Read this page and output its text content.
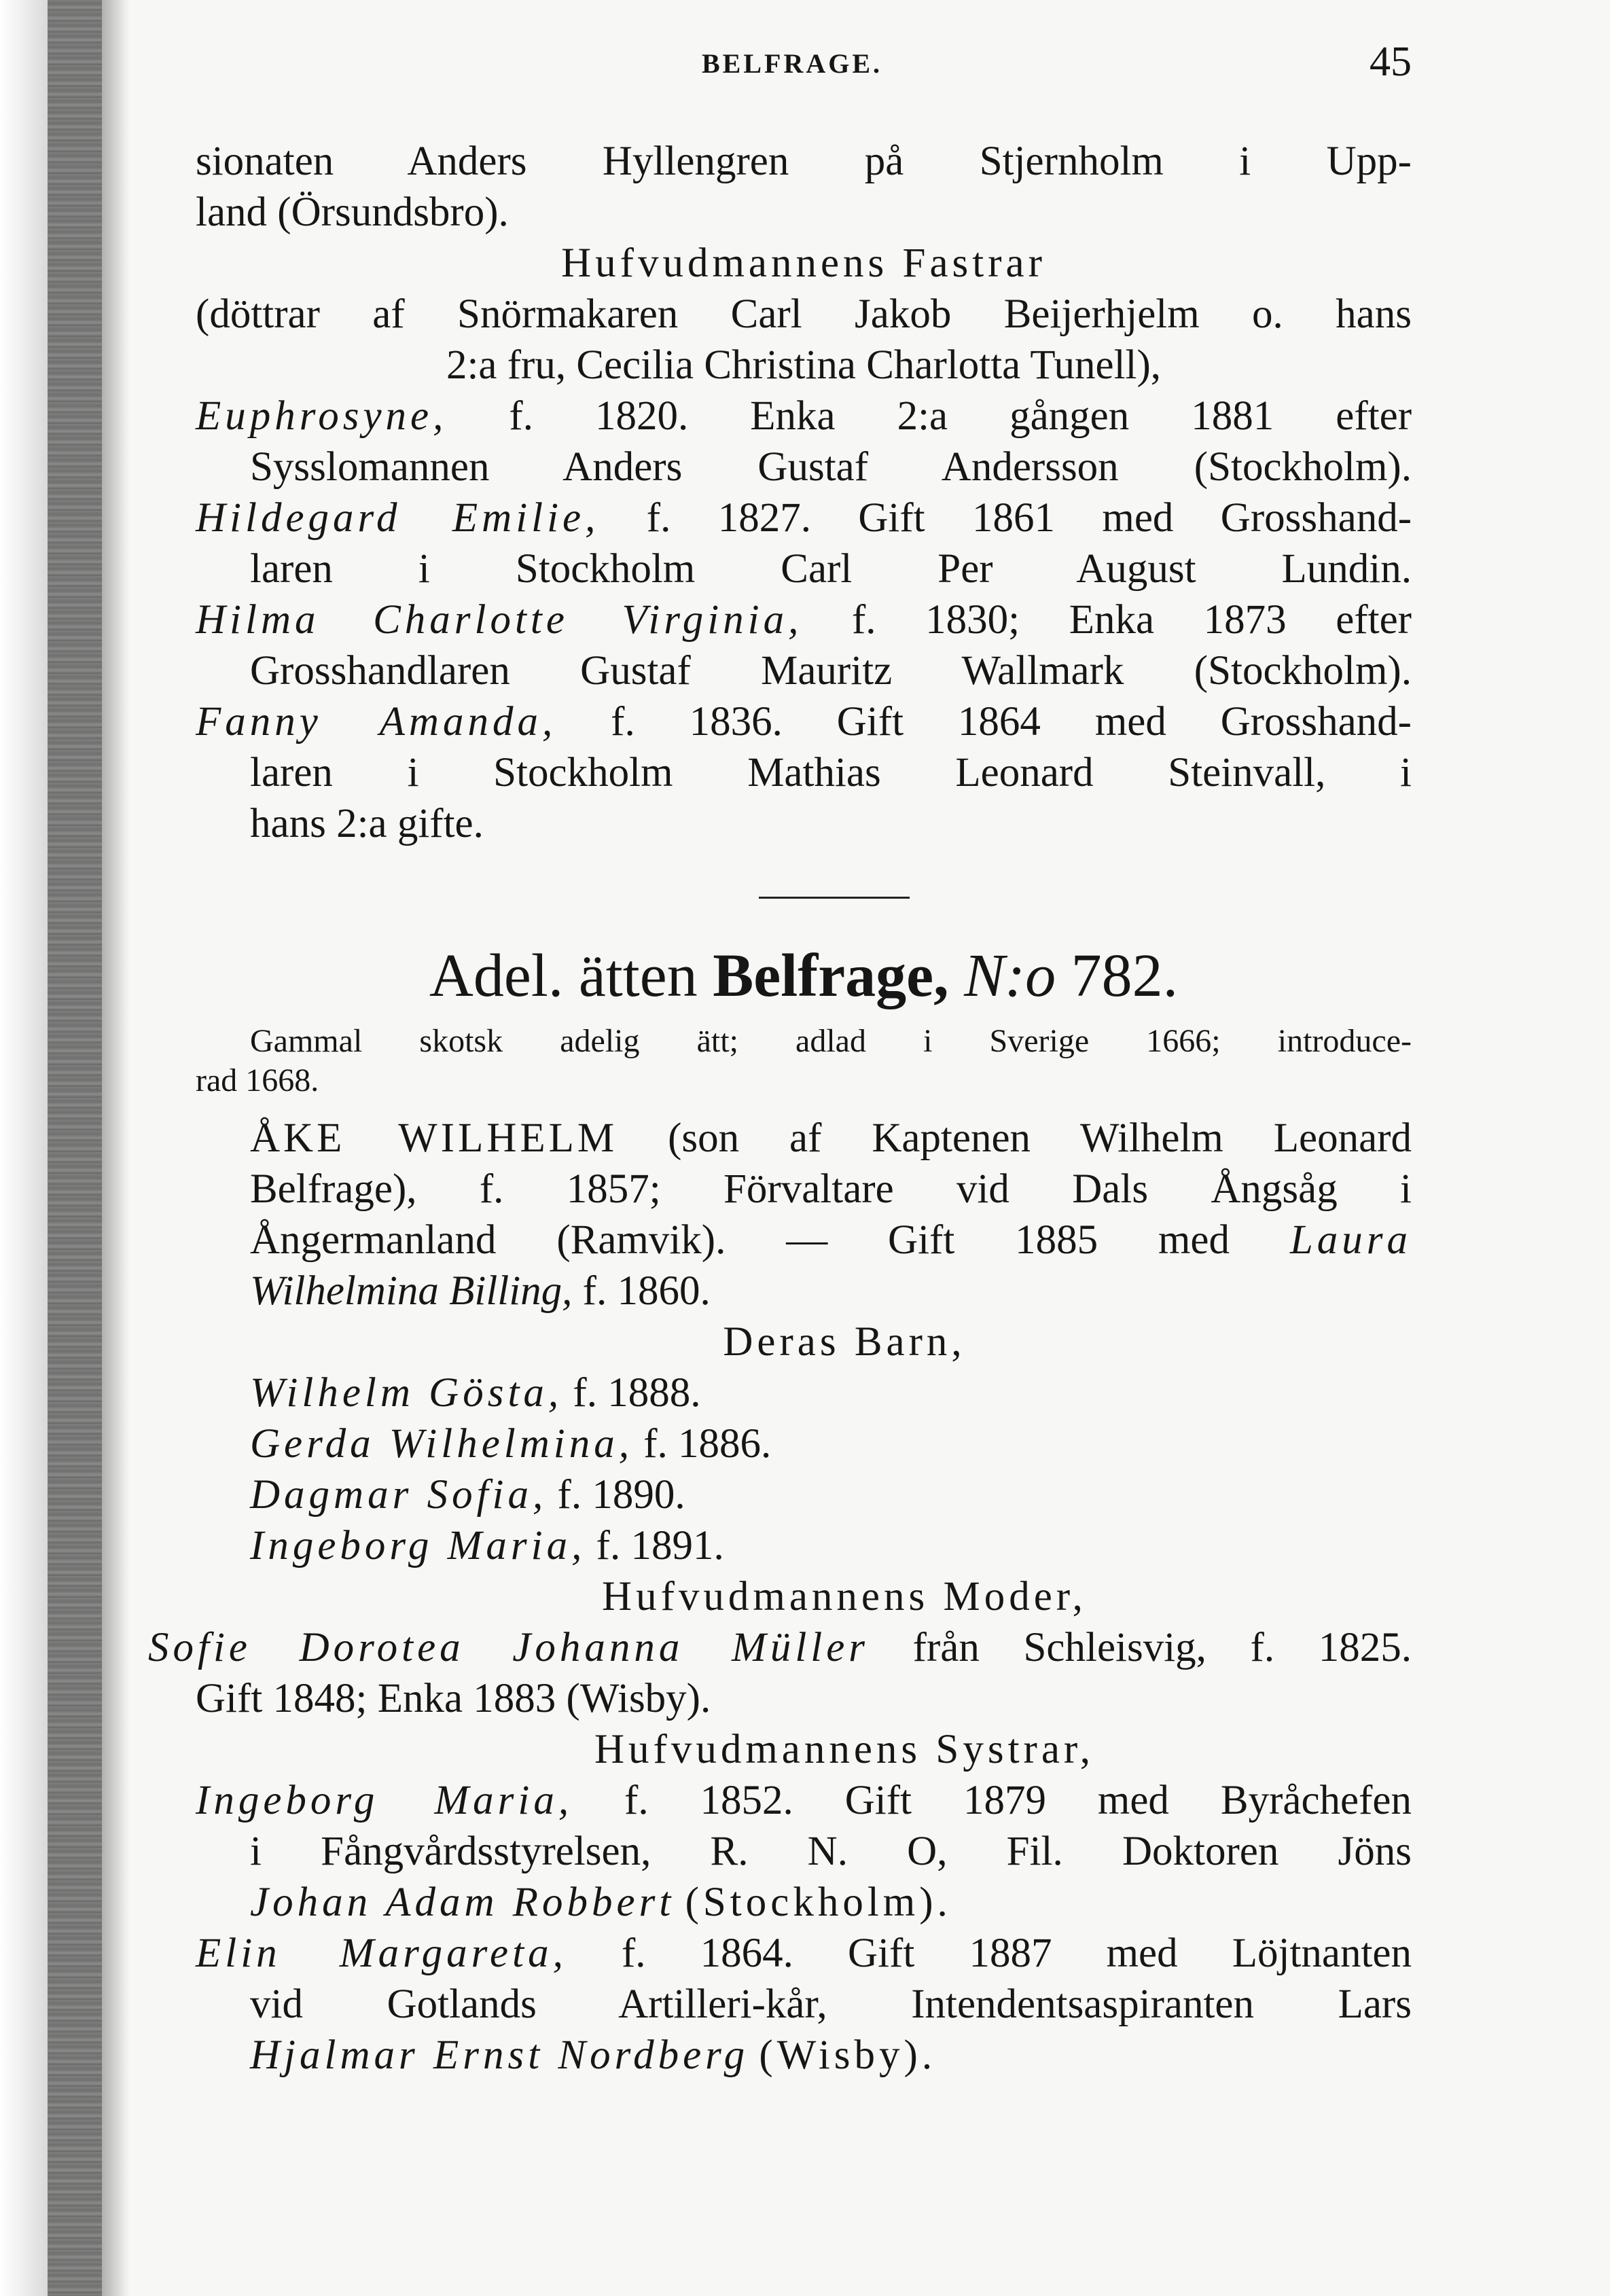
BELFRAGE.	45
sionaten Anders Hyllengren på Stjernholm i Upp-
land (Örsundsbro).
Hufvudmannens Fastrar
(döttrar af Snörmakaren Carl Jakob Beijerhjelm o. hans
2:a fru, Cecilia Christina Charlotta Tunell),
Euphrosyne, f. 1820. Enka 2:a gången 1881 efter
Sysslomannen Anders Gustaf Andersson (Stockholm).
Hildegard Emilie, f. 1827. Gift 1861 med Grosshand-
laren i Stockholm Carl Per August Lundin.
Hilma Charlotte Virginia, f. 1830; Enka 1873 efter
Grosshandlaren Gustaf Mauritz Wallmark (Stockholm).
Fanny Amanda, f. 1836. Gift 1864 med Grosshand-
laren i Stockholm Mathias Leonard Steinvall, i
hans 2:a gifte.
Adel. ätten Belfrage, N:o 782.
Gammal skotsk adelig ätt; adlad i Sverige 1666; introduce-
rad 1668.
ÅKE WILHELM (son af Kaptenen Wilhelm Leonard
Belfrage), f. 1857; Förvaltare vid Dals Ångsåg i
Ångermanland (Ramvik). — Gift 1885 med Laura
Wilhelmina Billing, f. 1860.
Deras Barn,
Wilhelm Gösta, f. 1888.
Gerda Wilhelmina, f. 1886.
Dagmar Sofia, f. 1890.
Ingeborg Maria, f. 1891.
Hufvudmannens Moder,
Sofie Dorotea Johanna Müller från Schleisvig, f. 1825.
Gift 1848; Enka 1883 (Wisby).
Hufvudmannens Systrar,
Ingeborg Maria, f. 1852. Gift 1879 med Byråchefen
i Fångvårdsstyrelsen, R. N. O, Fil. Doktoren Jöns
Johan Adam Robbert (Stockholm).
Elin Margareta, f. 1864. Gift 1887 med Löjtnanten
vid Gotlands Artilleri-kår, Intendentsaspiranten Lars
Hjalmar Ernst Nordberg (Wisby).
